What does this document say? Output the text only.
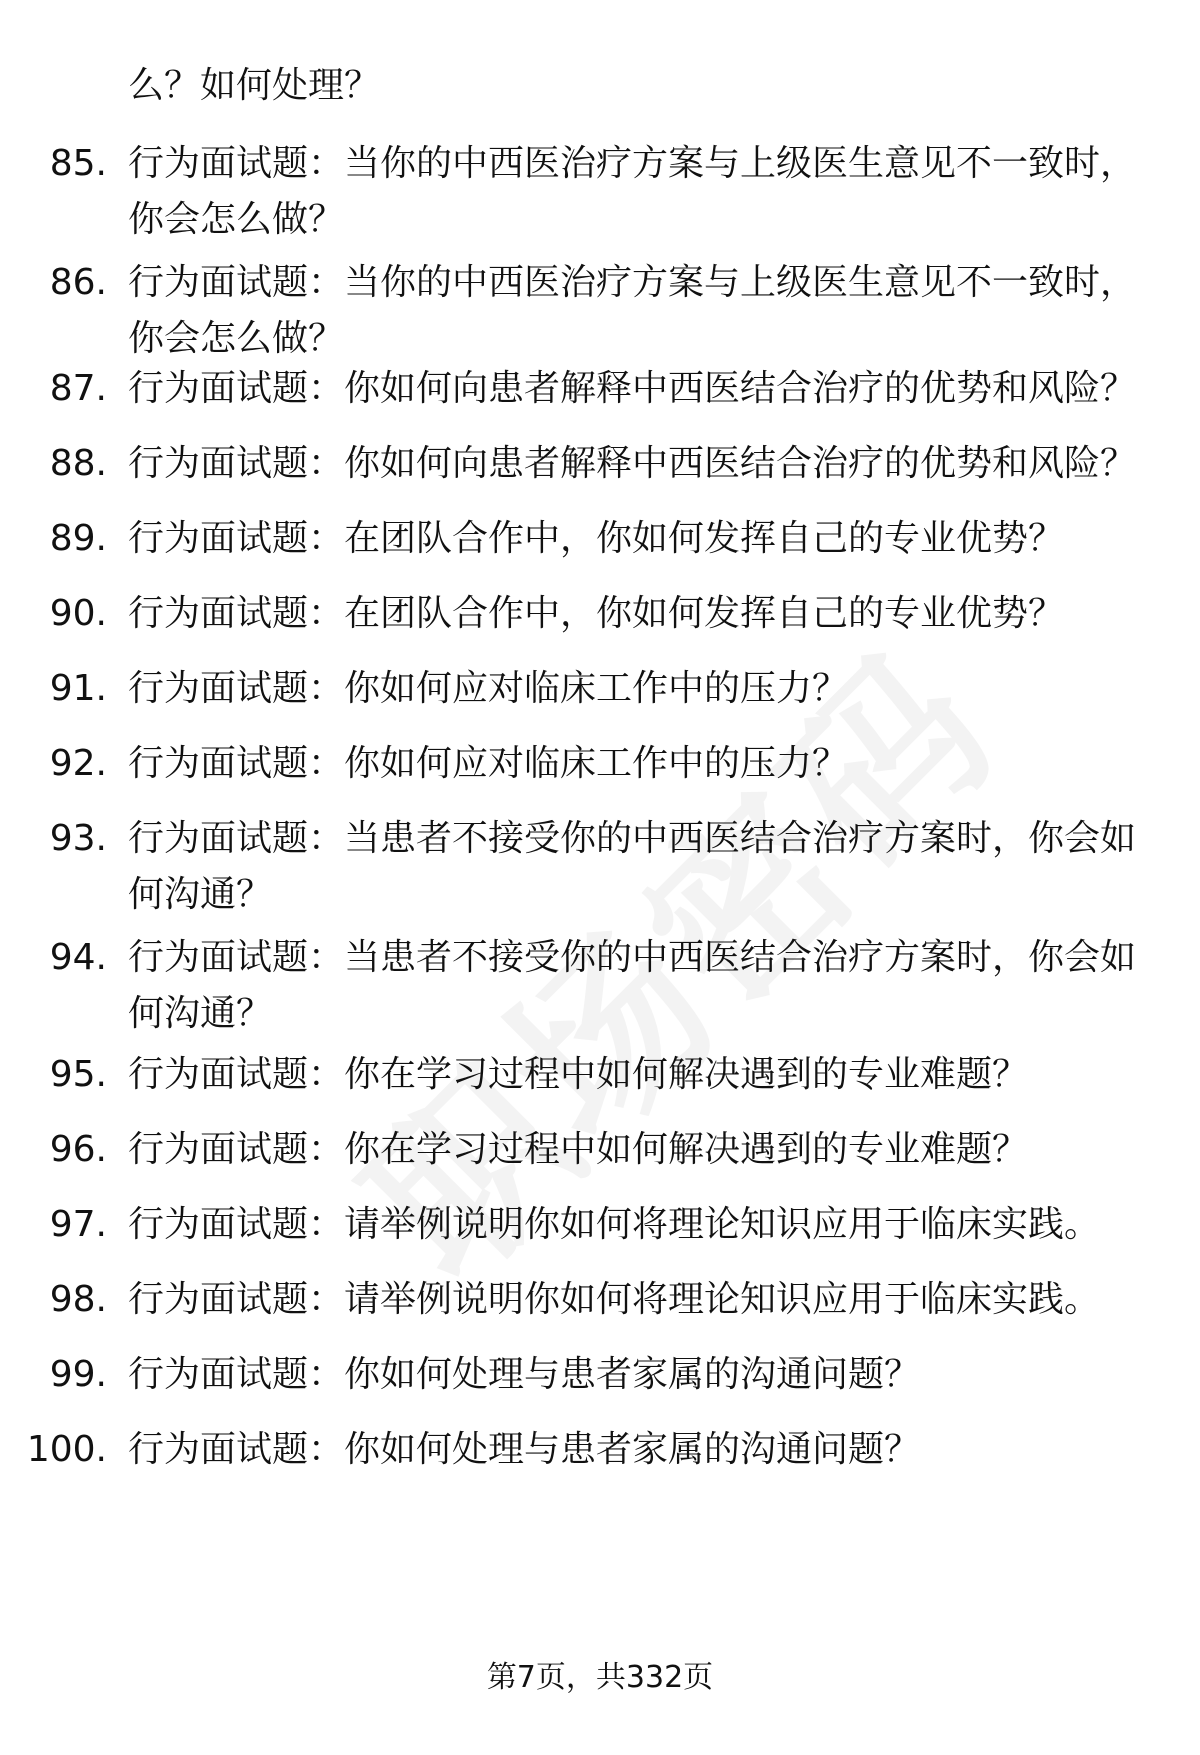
么？如何处理？
85. 行为面试题：当你的中西医治疗方案与上级医生意见不一致时，
你会怎么做？
86. 行为面试题：当你的中西医治疗方案与上级医生意见不一致时，
你会怎么做？
87. 行为面试题：你如何向患者解释中西医结合治疗的优势和风险？
88. 行为面试题：你如何向患者解释中西医结合治疗的优势和风险？
89. 行为面试题：在团队合作中，你如何发挥自己的专业优势？
90. 行为面试题：在团队合作中，你如何发挥自己的专业优势？
91. 行为面试题：你如何应对临床工作中的压力？
92. 行为面试题：你如何应对临床工作中的压力？
93. 行为面试题：当患者不接受你的中西医结合治疗方案时，你会如
何沟通？
94. 行为面试题：当患者不接受你的中西医结合治疗方案时，你会如
何沟通？
95. 行为面试题：你在学习过程中如何解决遇到的专业难题？
96. 行为面试题：你在学习过程中如何解决遇到的专业难题？
97. 行为面试题：请举例说明你如何将理论知识应用于临床实践。
98. 行为面试题：请举例说明你如何将理论知识应用于临床实践。
99. 行为面试题：你如何处理与患者家属的沟通问题？
100. 行为面试题：你如何处理与患者家属的沟通问题？
第7页，共332页
